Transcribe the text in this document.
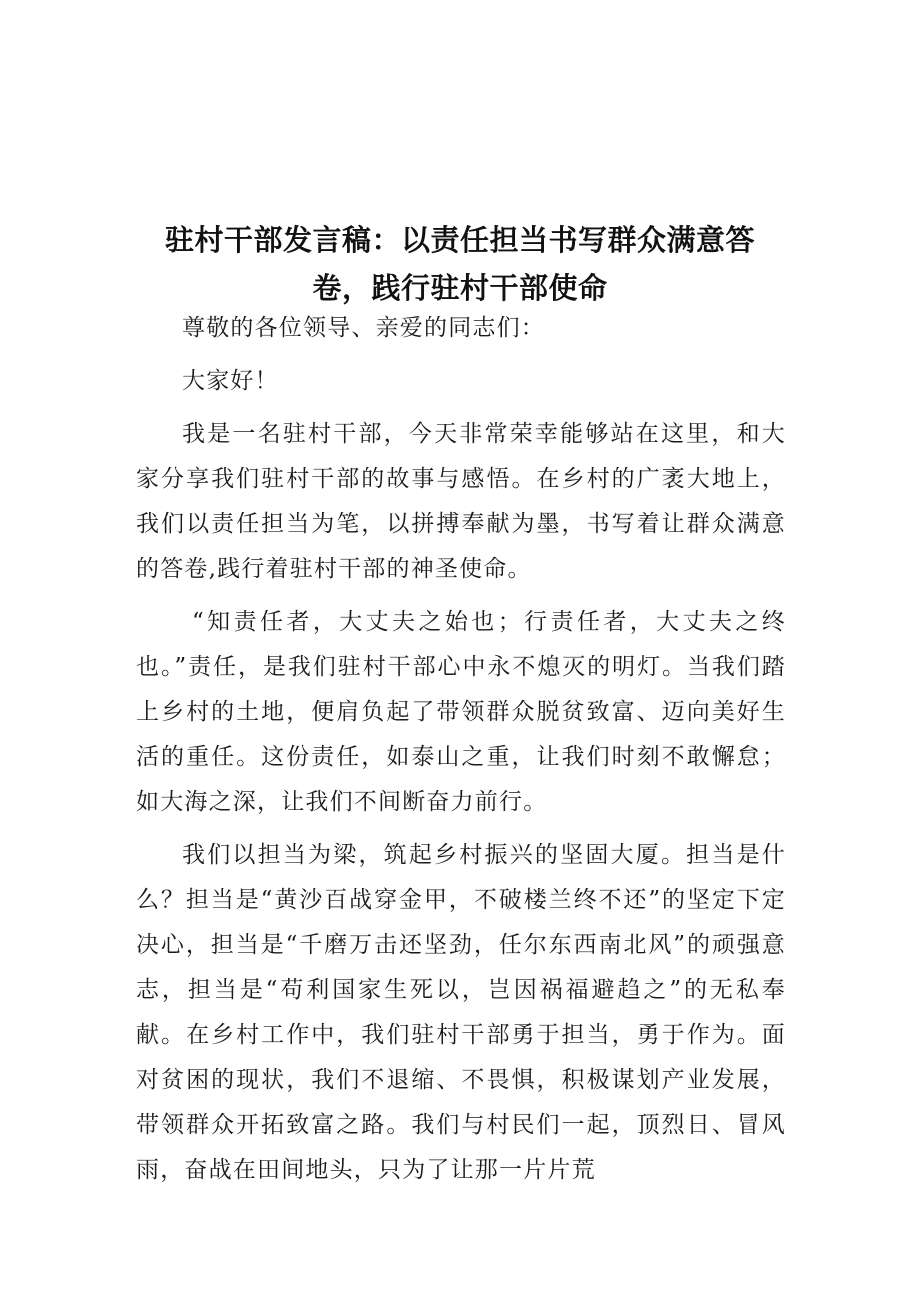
驻村干部发言稿：以责任担当书写群众满意答
卷，践行驻村干部使命

尊敬的各位领导、亲爱的同志们：

大家好！

我是一名驻村干部，今天非常荣幸能够站在这里，和大家分享我们驻村干部的故事与感悟。在乡村的广袤大地上，我们以责任担当为笔，以拼搏奉献为墨，书写着让群众满意的答卷,践行着驻村干部的神圣使命。

“知责任者，大丈夫之始也；行责任者，大丈夫之终也。”责任，是我们驻村干部心中永不熄灭的明灯。当我们踏上乡村的土地，便肩负起了带领群众脱贫致富、迈向美好生活的重任。这份责任，如泰山之重，让我们时刻不敢懈怠；如大海之深，让我们不间断奋力前行。

我们以担当为梁，筑起乡村振兴的坚固大厦。担当是什么？担当是“黄沙百战穿金甲，不破楼兰终不还”的坚定下定决心，担当是“千磨万击还坚劲，任尔东西南北风”的顽强意志，担当是“苟利国家生死以，岂因祸福避趋之”的无私奉献。在乡村工作中，我们驻村干部勇于担当，勇于作为。面对贫困的现状，我们不退缩、不畏惧，积极谋划产业发展，带领群众开拓致富之路。我们与村民们一起，顶烈日、冒风雨，奋战在田间地头，只为了让那一片片荒
